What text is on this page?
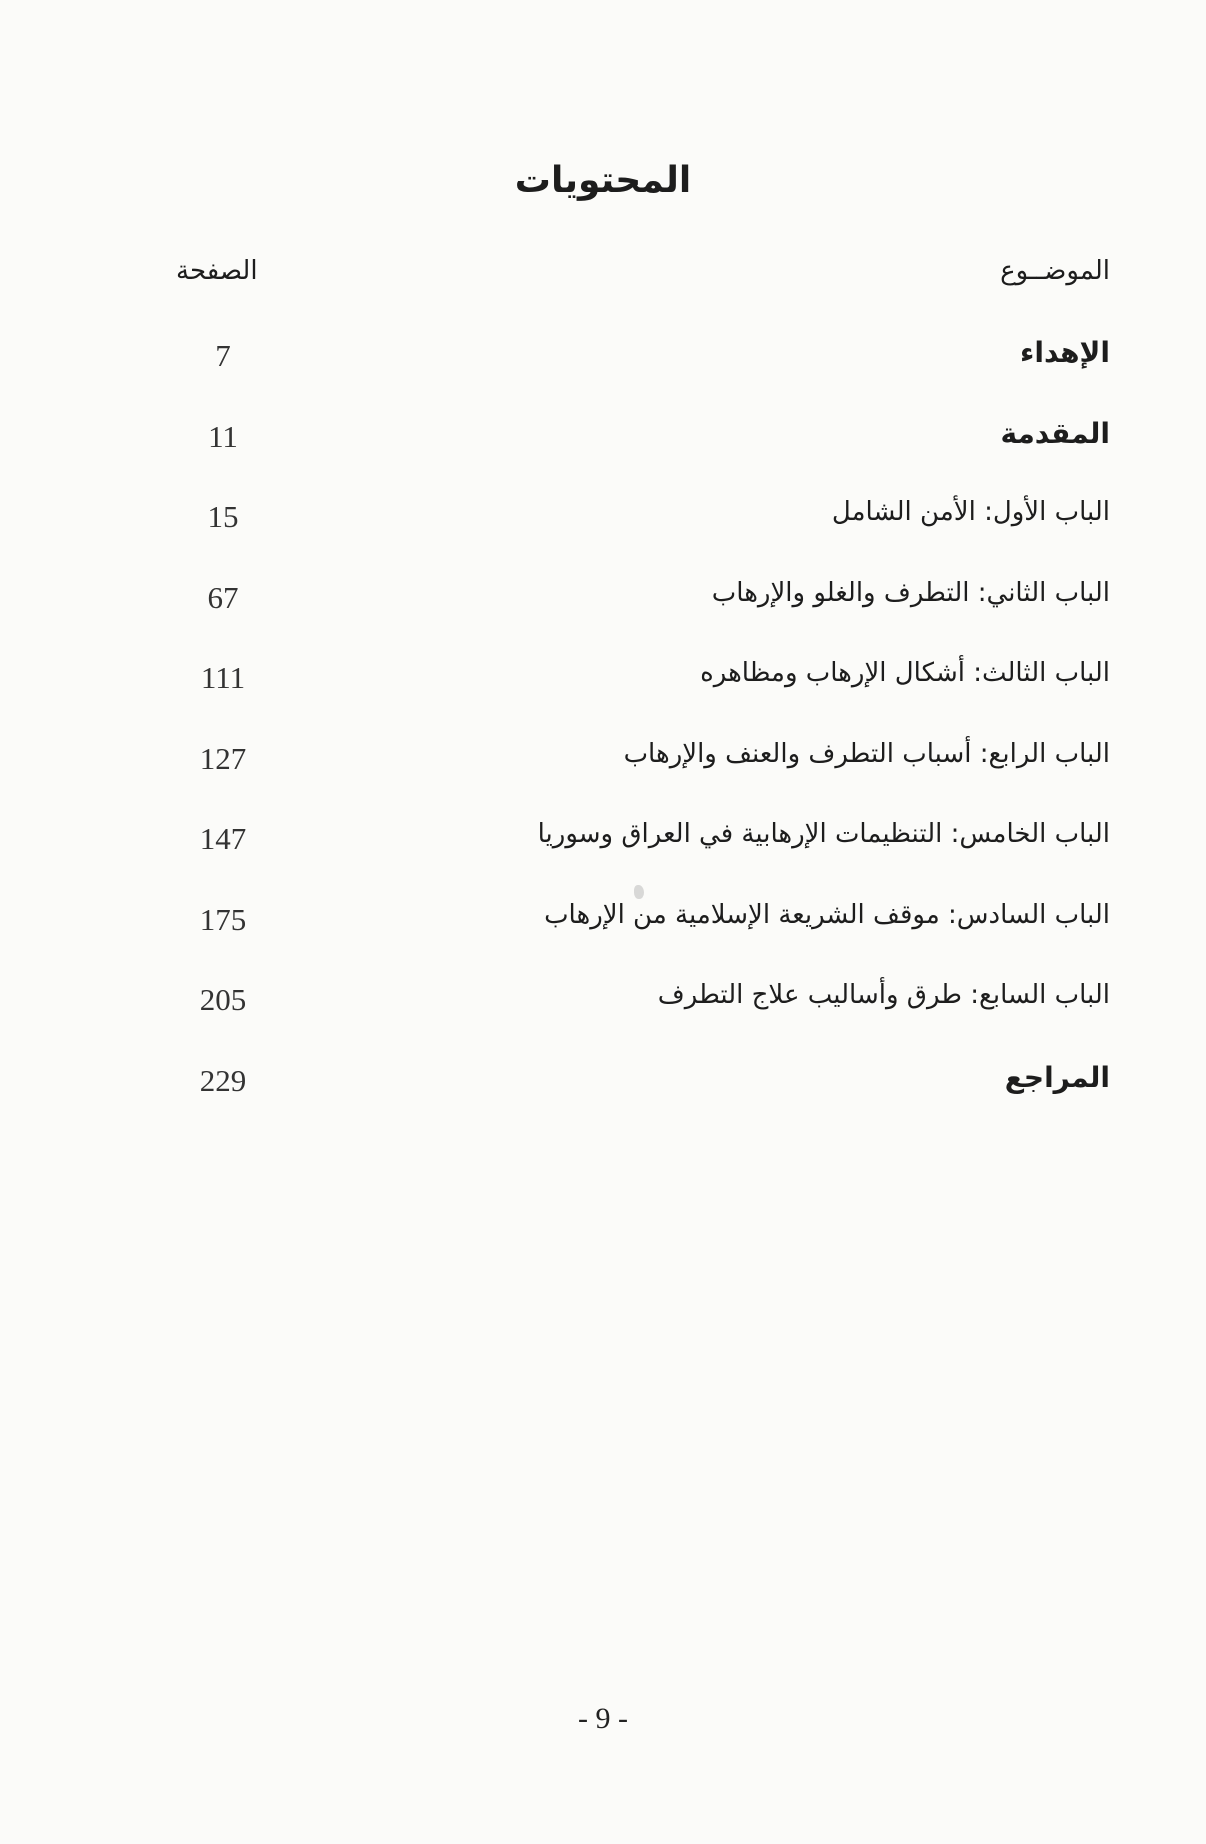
المحتويات
الموضــوع
الصفحة
الإهداء
7
المقدمة
11
الباب الأول: الأمن الشامل
15
الباب الثاني: التطرف والغلو والإرهاب
67
الباب الثالث: أشكال الإرهاب ومظاهره
111
الباب الرابع: أسباب التطرف والعنف والإرهاب
127
الباب الخامس: التنظيمات الإرهابية في العراق وسوريا
147
الباب السادس: موقف الشريعة الإسلامية من الإرهاب
175
الباب السابع: طرق وأساليب علاج التطرف
205
المراجع
229
- 9 -
